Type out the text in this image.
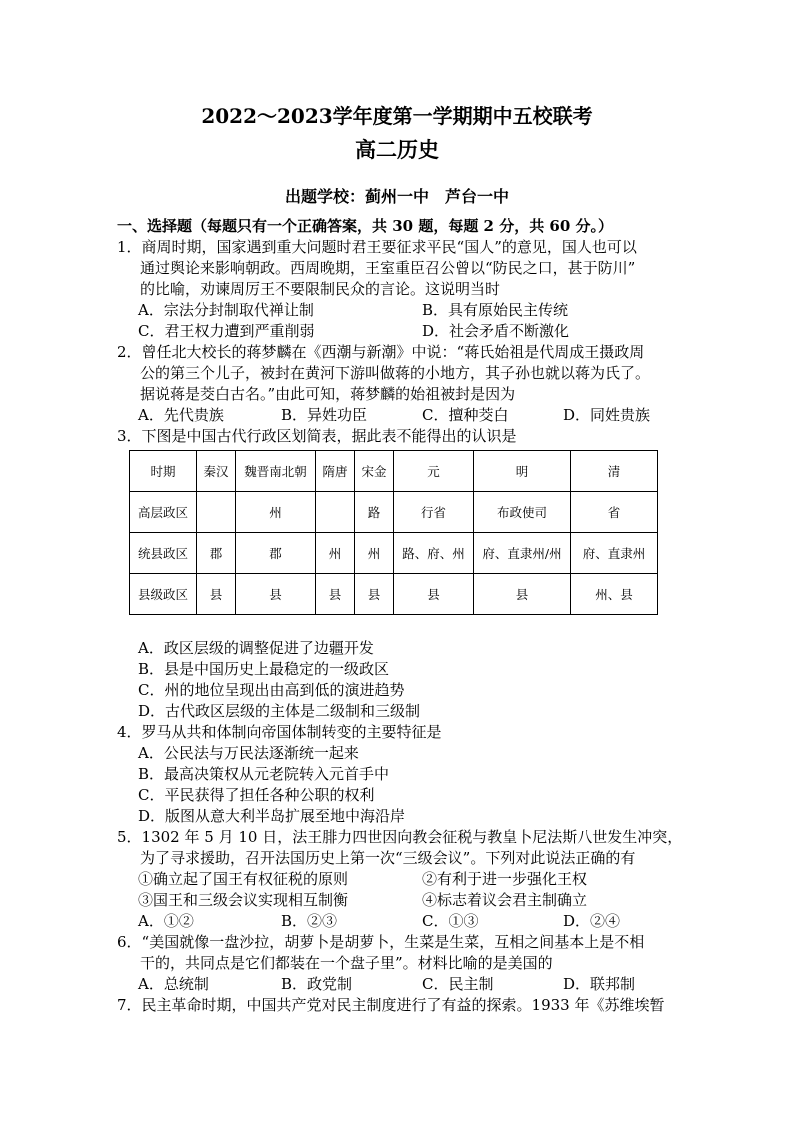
2022～2023学年度第一学期期中五校联考
高二历史
出题学校：蓟州一中　芦台一中
一、选择题（每题只有一个正确答案，共 30 题，每题 2 分，共 60 分。）
1．商周时期，国家遇到重大问题时君王要征求平民“国人”的意见，国人也可以
通过舆论来影响朝政。西周晚期，王室重臣召公曾以“防民之口，甚于防川”
的比喻，劝谏周厉王不要限制民众的言论。这说明当时
A．宗法分封制取代禅让制	B．具有原始民主传统
C．君王权力遭到严重削弱	D．社会矛盾不断激化
2．曾任北大校长的蒋梦麟在《西潮与新潮》中说：“蒋氏始祖是代周成王摄政周
公的第三个儿子，被封在黄河下游叫做蒋的小地方，其子孙也就以蒋为氏了。
据说蒋是茭白古名。”由此可知，蒋梦麟的始祖被封是因为
A．先代贵族	B．异姓功臣	C．擅种茭白	D．同姓贵族
3．下图是中国古代行政区划简表，据此表不能得出的认识是
时期	秦汉	魏晋南北朝	隋唐	宋金	元	明	清
高层政区		州		路	行省	布政使司	省
统县政区	郡	郡	州	州	路、府、州	府、直隶州/州	府、直隶州
县级政区	县	县	县	县	县	县	州、县
A．政区层级的调整促进了边疆开发
B．县是中国历史上最稳定的一级政区
C．州的地位呈现出由高到低的演进趋势
D．古代政区层级的主体是二级制和三级制
4．罗马从共和体制向帝国体制转变的主要特征是
A．公民法与万民法逐渐统一起来
B．最高决策权从元老院转入元首手中
C．平民获得了担任各种公职的权利
D．版图从意大利半岛扩展至地中海沿岸
5．1302 年 5 月 10 日，法王腓力四世因向教会征税与教皇卜尼法斯八世发生冲突，
为了寻求援助，召开法国历史上第一次“三级会议”。下列对此说法正确的有
①确立起了国王有权征税的原则	②有利于进一步强化王权
③国王和三级会议实现相互制衡	④标志着议会君主制确立
A．①②	B．②③	C．①③	D．②④
6．“美国就像一盘沙拉，胡萝卜是胡萝卜，生菜是生菜，互相之间基本上是不相
干的，共同点是它们都装在一个盘子里”。材料比喻的是美国的
A．总统制	B．政党制	C．民主制	D．联邦制
7．民主革命时期，中国共产党对民主制度进行了有益的探索。1933 年《苏维埃暂
